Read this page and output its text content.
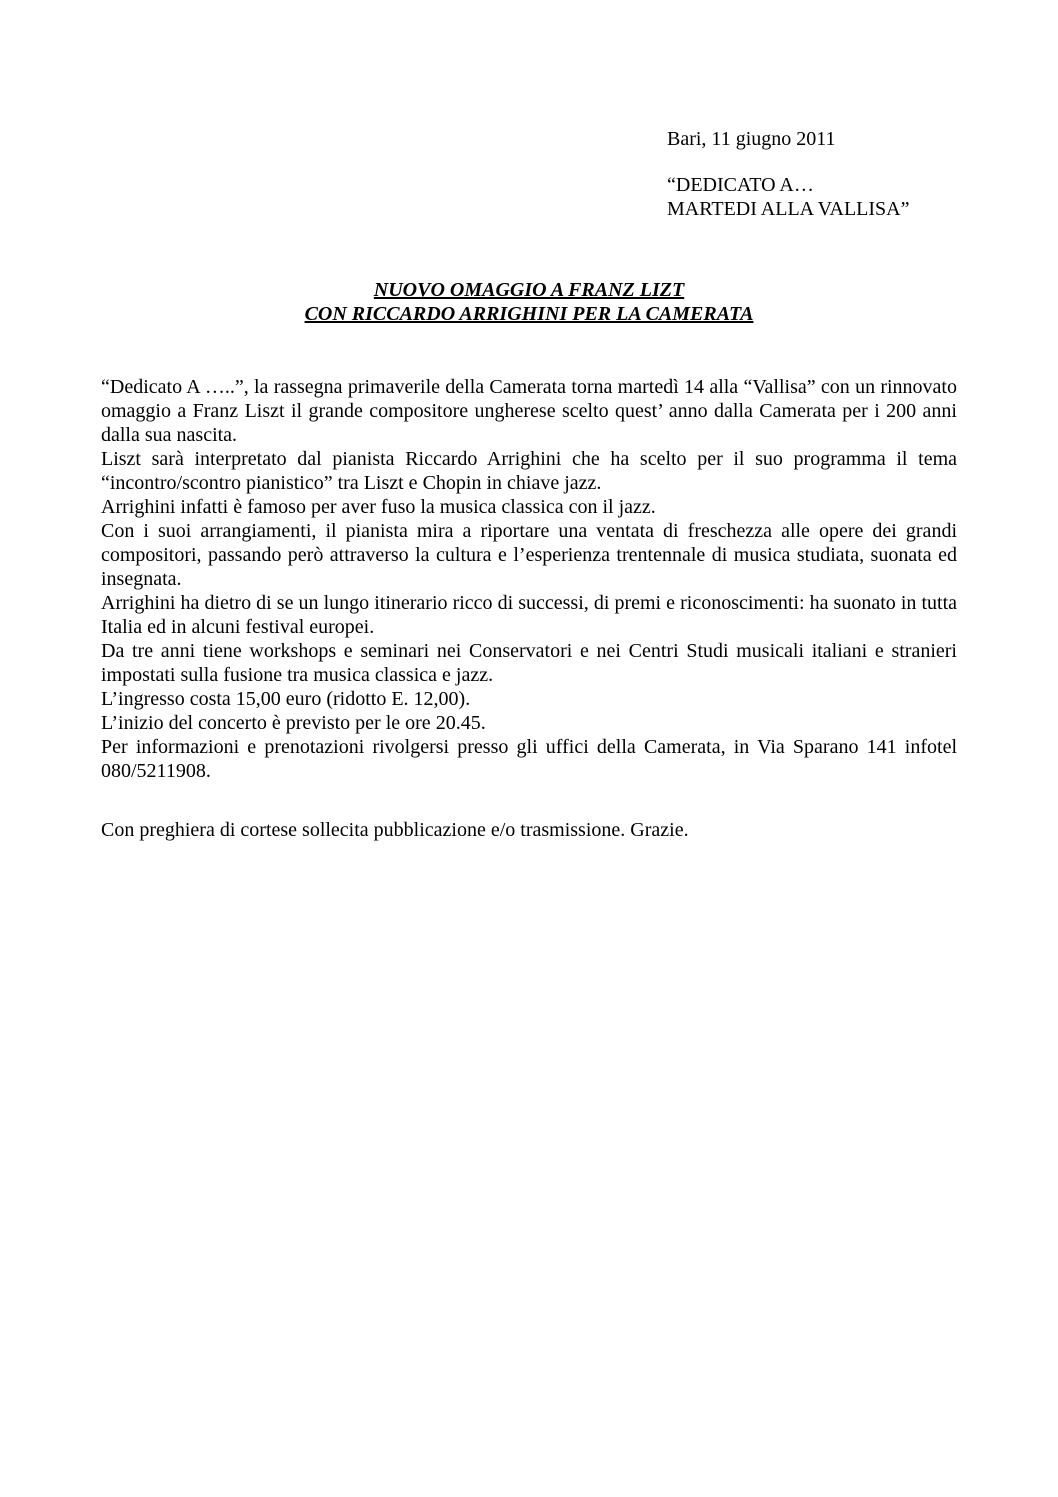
Bari, 11 giugno 2011
“DEDICATO A…
MARTEDI ALLA VALLISA”
NUOVO OMAGGIO A FRANZ LIZT
CON RICCARDO ARRIGHINI PER LA CAMERATA

“Dedicato A …..”, la rassegna primaverile della Camerata torna martedì 14 alla “Vallisa” con un rinnovato omaggio a Franz Liszt il grande compositore ungherese scelto quest’ anno dalla Camerata per i 200 anni dalla sua nascita.

Liszt sarà interpretato dal pianista Riccardo Arrighini che ha scelto per il suo programma il tema “incontro/scontro pianistico” tra Liszt e Chopin in chiave jazz.

Arrighini infatti è famoso per aver fuso la musica classica con il jazz.

Con i suoi arrangiamenti, il pianista mira a riportare una ventata di freschezza alle opere dei grandi compositori, passando però attraverso la cultura e l’esperienza trentennale di musica studiata, suonata ed insegnata.

Arrighini ha dietro di se un lungo itinerario ricco di successi, di premi e riconoscimenti: ha suonato in tutta Italia ed in alcuni festival europei.

Da tre anni tiene workshops e seminari nei Conservatori e nei Centri Studi musicali italiani e stranieri impostati sulla fusione tra musica classica e jazz.

L’ingresso costa 15,00 euro (ridotto E. 12,00).

L’inizio del concerto è previsto per le ore 20.45.

Per informazioni e prenotazioni rivolgersi presso gli uffici della Camerata, in Via Sparano 141 infotel 080/5211908.

Con preghiera di cortese sollecita pubblicazione e/o trasmissione. Grazie.
